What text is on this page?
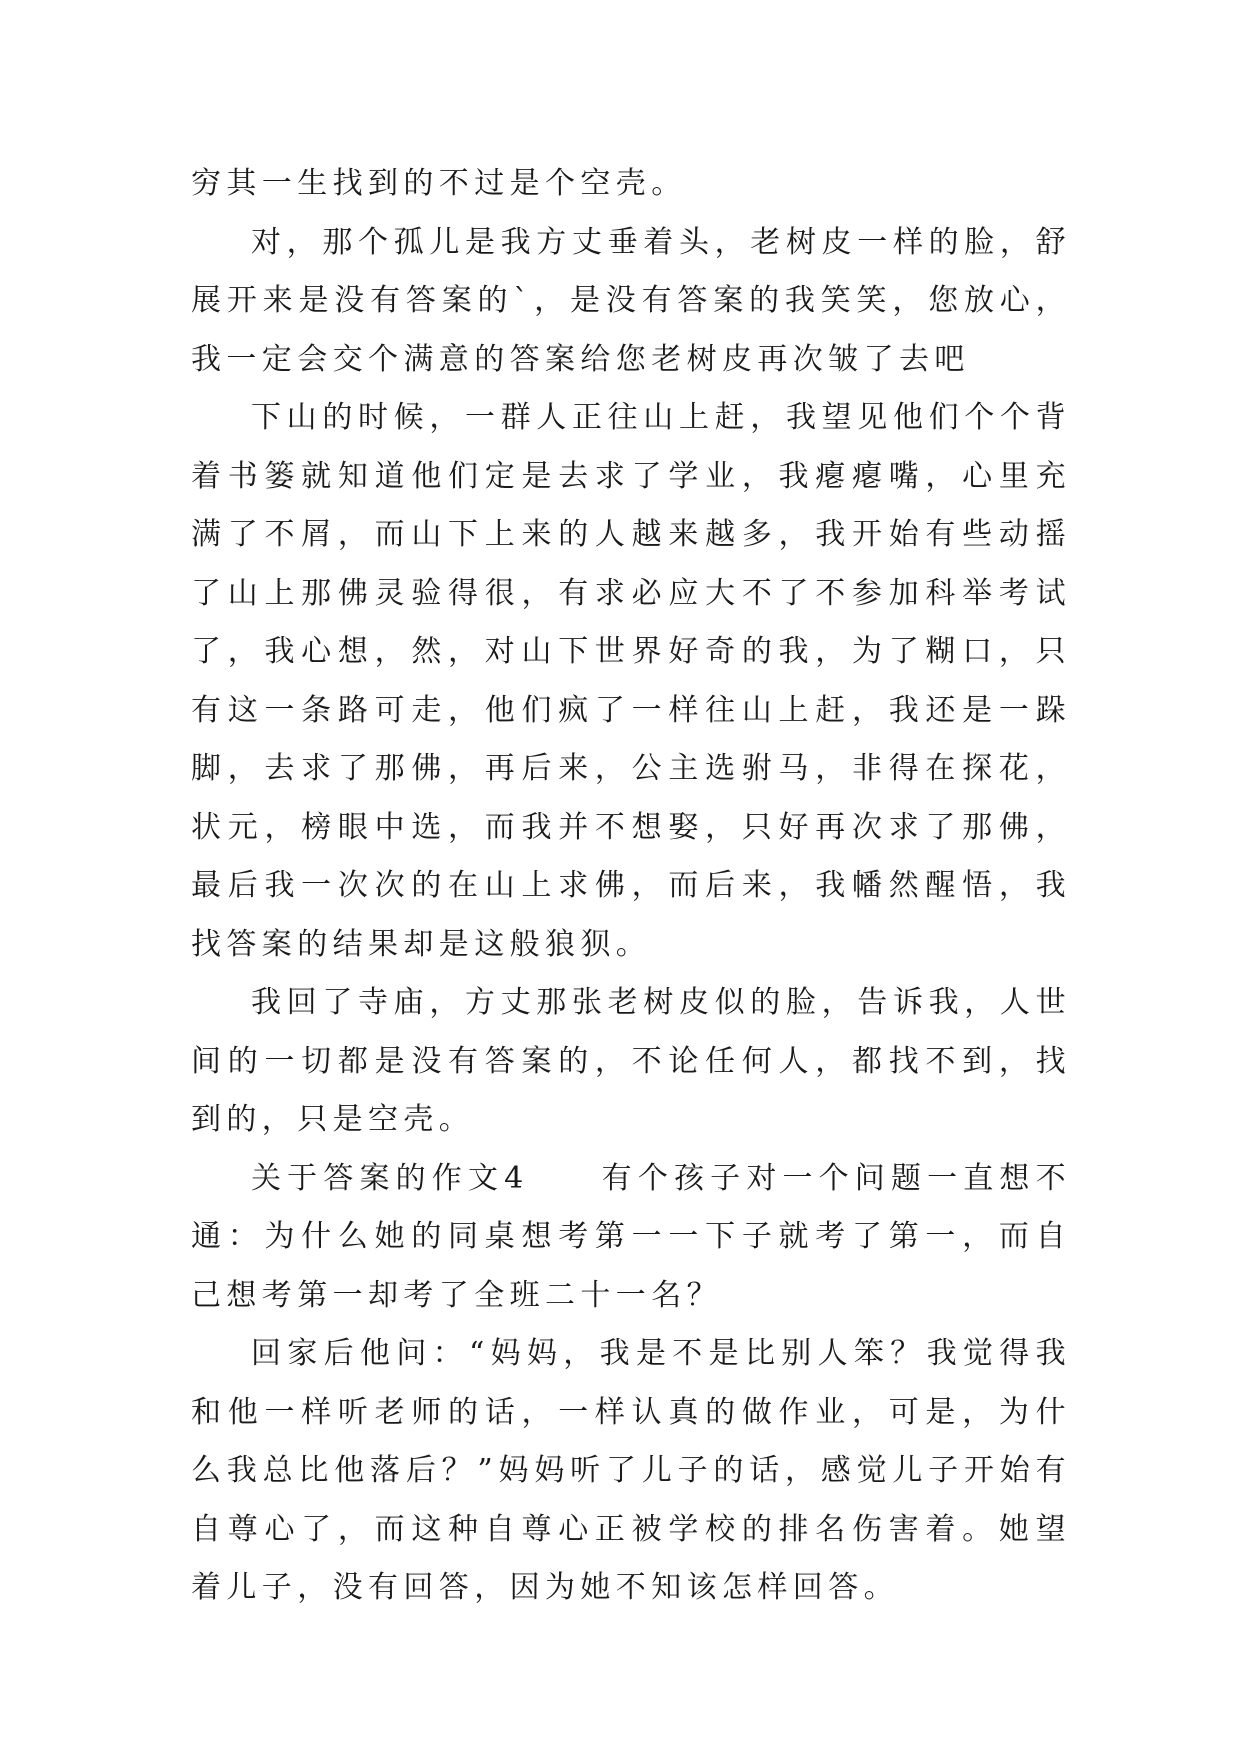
穷其一生找到的不过是个空壳。

对，那个孤儿是我方丈垂着头，老树皮一样的脸，舒展开来是没有答案的`，是没有答案的我笑笑，您放心，我一定会交个满意的答案给您老树皮再次皱了去吧

下山的时候，一群人正往山上赶，我望见他们个个背着书篓就知道他们定是去求了学业，我瘪瘪嘴，心里充满了不屑，而山下上来的人越来越多，我开始有些动摇了山上那佛灵验得很，有求必应大不了不参加科举考试了，我心想，然，对山下世界好奇的我，为了糊口，只有这一条路可走，他们疯了一样往山上赶，我还是一跺脚，去求了那佛，再后来，公主选驸马，非得在探花，状元，榜眼中选，而我并不想娶，只好再次求了那佛，最后我一次次的在山上求佛，而后来，我幡然醒悟，我找答案的结果却是这般狼狈。

我回了寺庙，方丈那张老树皮似的脸，告诉我，人世间的一切都是没有答案的，不论任何人，都找不到，找到的，只是空壳。

关于答案的作文4　　有个孩子对一个问题一直想不通：为什么她的同桌想考第一一下子就考了第一，而自己想考第一却考了全班二十一名？

回家后他问：“妈妈，我是不是比别人笨？我觉得我和他一样听老师的话，一样认真的做作业，可是，为什么我总比他落后？”妈妈听了儿子的话，感觉儿子开始有自尊心了，而这种自尊心正被学校的排名伤害着。她望着儿子，没有回答，因为她不知该怎样回答。
